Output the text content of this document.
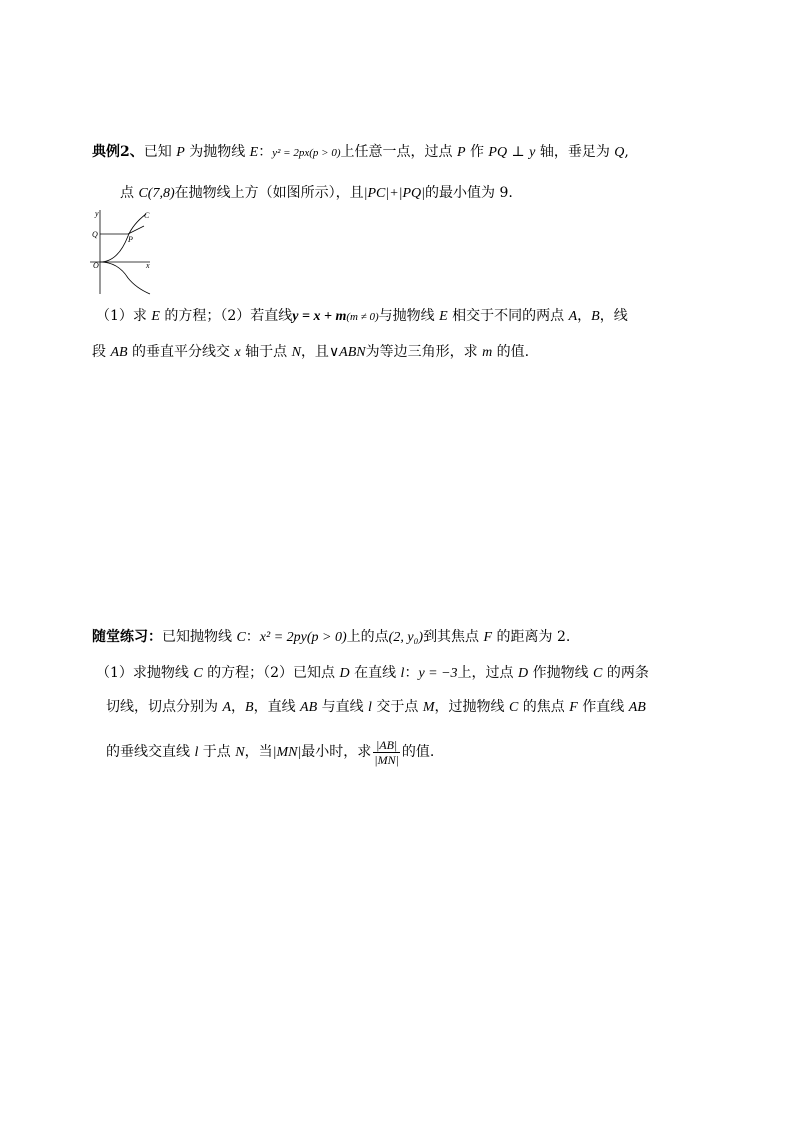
典例2、已知 P 为抛物线 E：y² = 2px(p > 0)上任意一点，过点 P 作 PQ ⊥ y 轴，垂足为 Q,
点 C(7,8)在抛物线上方（如图所示），且|PC|+|PQ|的最小值为 9.
y	C
Q
P
O	x
（1）求 E 的方程；（2）若直线y = x + m(m ≠ 0)与抛物线 E 相交于不同的两点 A，B，线
段 AB 的垂直平分线交 x 轴于点 N，且∨ABN为等边三角形，求 m 的值.
随堂练习：已知抛物线 C：x² = 2py(p > 0)上的点(2, y₀)到其焦点 F 的距离为 2.
（1）求抛物线 C 的方程；（2）已知点 D 在直线 l：y = −3上，过点 D 作抛物线 C 的两条
切线，切点分别为 A，B，直线 AB 与直线 l 交于点 M，过抛物线 C 的焦点 F 作直线 AB
的垂线交直线 l 于点 N，当|MN|最小时，求 $\frac{|AB|}{|MN|}$ 的值.
